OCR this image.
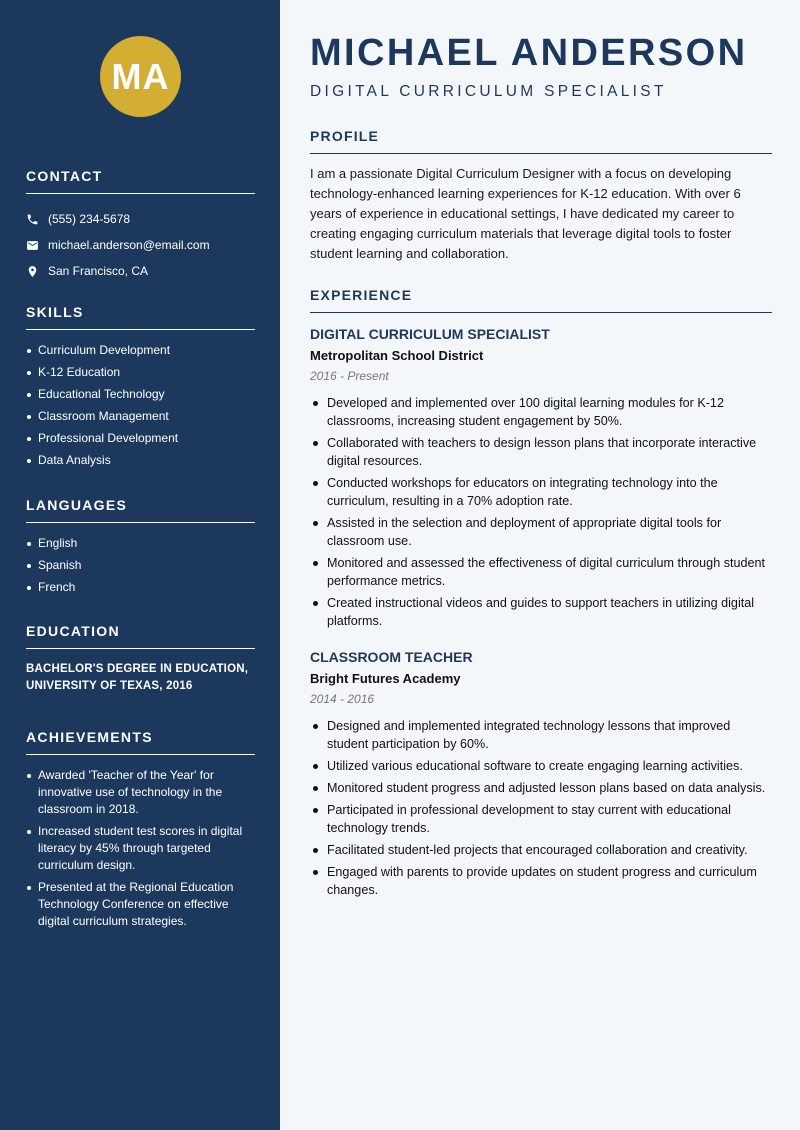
MA
CONTACT
(555) 234-5678
michael.anderson@email.com
San Francisco, CA
SKILLS
Curriculum Development
K-12 Education
Educational Technology
Classroom Management
Professional Development
Data Analysis
LANGUAGES
English
Spanish
French
EDUCATION
BACHELOR'S DEGREE IN EDUCATION, UNIVERSITY OF TEXAS, 2016
ACHIEVEMENTS
Awarded 'Teacher of the Year' for innovative use of technology in the classroom in 2018.
Increased student test scores in digital literacy by 45% through targeted curriculum design.
Presented at the Regional Education Technology Conference on effective digital curriculum strategies.
MICHAEL ANDERSON
DIGITAL CURRICULUM SPECIALIST
PROFILE
I am a passionate Digital Curriculum Designer with a focus on developing technology-enhanced learning experiences for K-12 education. With over 6 years of experience in educational settings, I have dedicated my career to creating engaging curriculum materials that leverage digital tools to foster student learning and collaboration.
EXPERIENCE
DIGITAL CURRICULUM SPECIALIST
Metropolitan School District
2016 - Present
Developed and implemented over 100 digital learning modules for K-12 classrooms, increasing student engagement by 50%.
Collaborated with teachers to design lesson plans that incorporate interactive digital resources.
Conducted workshops for educators on integrating technology into the curriculum, resulting in a 70% adoption rate.
Assisted in the selection and deployment of appropriate digital tools for classroom use.
Monitored and assessed the effectiveness of digital curriculum through student performance metrics.
Created instructional videos and guides to support teachers in utilizing digital platforms.
CLASSROOM TEACHER
Bright Futures Academy
2014 - 2016
Designed and implemented integrated technology lessons that improved student participation by 60%.
Utilized various educational software to create engaging learning activities.
Monitored student progress and adjusted lesson plans based on data analysis.
Participated in professional development to stay current with educational technology trends.
Facilitated student-led projects that encouraged collaboration and creativity.
Engaged with parents to provide updates on student progress and curriculum changes.
